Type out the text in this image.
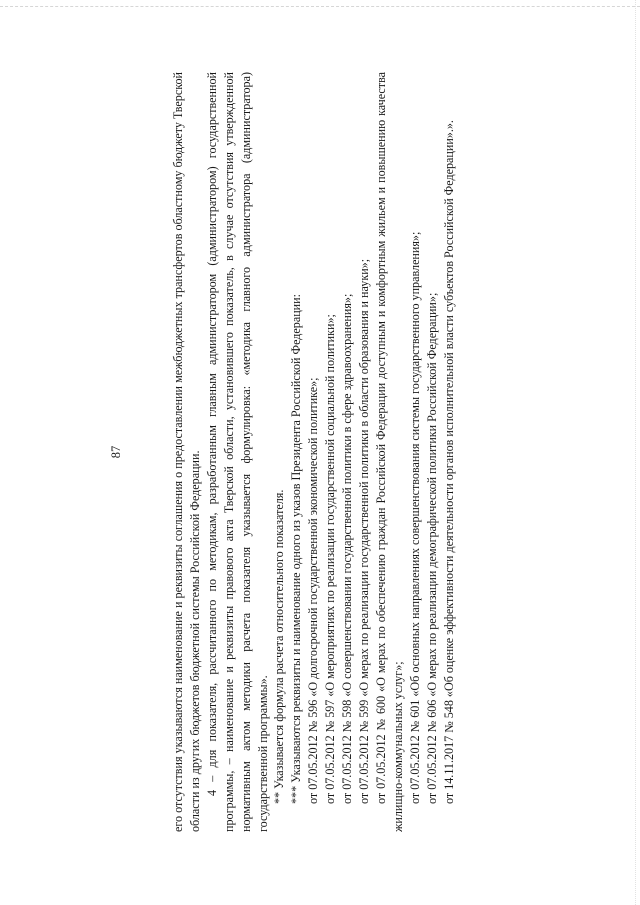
87	его отсутствия указываются наименование и реквизиты соглашения о предоставлении межбюджетных трансфертов областному бюджету Тверской области из других бюджетов бюджетной системы Российской Федерации. 4 – для показателя, рассчитанного по методикам, разработанным главным администратором (администратором) государственной программы, – наименование и реквизиты правового акта Тверской области, установившего показатель, в случае отсутствия утвержденной нормативным актом методики расчета показателя указывается формулировка: «методика главного администратора (администратора) государственной программы». ** Указывается формула расчета относительного показателя. *** Указываются реквизиты и наименование одного из указов Президента Российской Федерации: от 07.05.2012 № 596 «О долгосрочной государственной экономической политике»; от 07.05.2012 № 597 «О мероприятиях по реализации государственной социальной политики»; от 07.05.2012 № 598 «О совершенствовании государственной политики в сфере здравоохранения»; от 07.05.2012 № 599 «О мерах по реализации государственной политики в области образования и науки»; от 07.05.2012 № 600 «О мерах по обеспечению граждан Российской Федерации доступным и комфортным жильем и повышению качества жилищно-коммунальных услуг»; от 07.05.2012 № 601 «Об основных направлениях совершенствования системы государственного управления»; от 07.05.2012 № 606 «О мерах по реализации демографической политики Российской Федерации»; от 14.11.2017 № 548 «Об оценке эффективности деятельности органов исполнительной власти субъектов Российской Федерации».».
